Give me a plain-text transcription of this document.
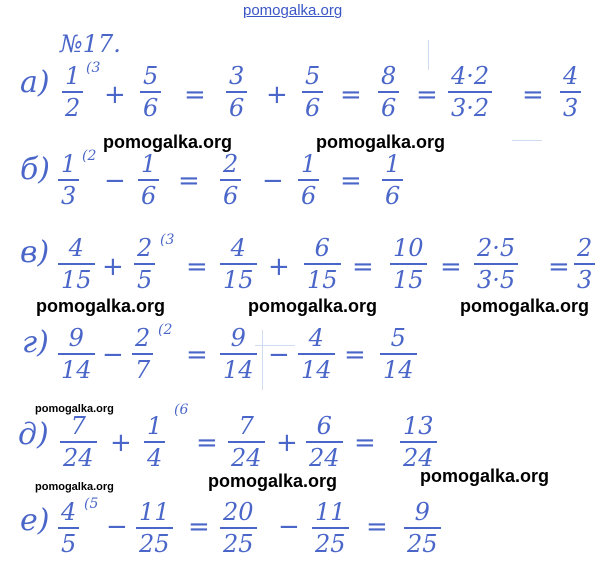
pomogalka.org
№17.
а) 1
2
(3
+
5
6 =
3
6 +
5
6 =
8
6 =
4·2
3·2 =
4
3
pomogalka.org	pomogalka.org
б) 1
3
(2
−
1
6 =
2
6 −
1
6 =
1
6
в) 4
15 +
2
5
(3
=
4
15 +
6
15 =
10
15 =
2·5
3·5 =
2
3
pomogalka.org	pomogalka.org	pomogalka.org
г) 9
14 −
2
7
(2
=
9
14 −
4
14 =
5
14
pomogalka.org
д) 7
24 +
1
4
(6
=
7
24 +
6
24 =
13
24
pomogalka.org	pomogalka.org	pomogalka.org
е) 4
5
(5
− 11
25
= 20
25
− 11
25
= 9
25
